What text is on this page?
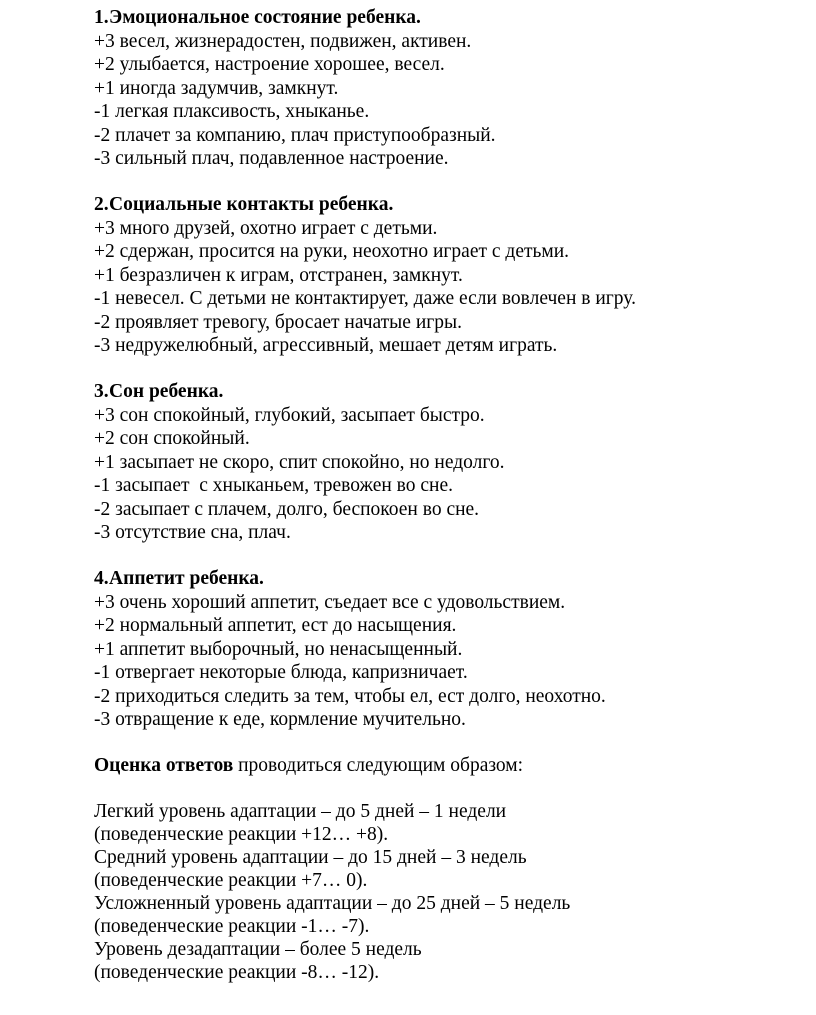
1.Эмоциональное состояние ребенка.
+3 весел, жизнерадостен, подвижен, активен.
+2 улыбается, настроение хорошее, весел.
+1 иногда задумчив, замкнут.
-1 легкая плаксивость, хныканье.
-2 плачет за компанию, плач приступообразный.
-3 сильный плач, подавленное настроение.
2.Социальные контакты ребенка.
+3 много друзей, охотно играет с детьми.
+2 сдержан, просится на руки, неохотно играет с детьми.
+1 безразличен к играм, отстранен, замкнут.
-1 невесел. С детьми не контактирует, даже если вовлечен в игру.
-2 проявляет тревогу, бросает начатые игры.
-3 недружелюбный, агрессивный, мешает детям играть.
3.Сон ребенка.
+3 сон спокойный, глубокий, засыпает быстро.
+2 сон спокойный.
+1 засыпает не скоро, спит спокойно, но недолго.
-1 засыпает  с хныканьем, тревожен во сне.
-2 засыпает с плачем, долго, беспокоен во сне.
-3 отсутствие сна, плач.
4.Аппетит ребенка.
+3 очень хороший аппетит, съедает все с удовольствием.
+2 нормальный аппетит, ест до насыщения.
+1 аппетит выборочный, но ненасыщенный.
-1 отвергает некоторые блюда, капризничает.
-2 приходиться следить за тем, чтобы ел, ест долго, неохотно.
-3 отвращение к еде, кормление мучительно.
Оценка ответов проводиться следующим образом:
Легкий уровень адаптации – до 5 дней – 1 недели
(поведенческие реакции +12… +8).
Средний уровень адаптации – до 15 дней – 3 недель
(поведенческие реакции +7… 0).
Усложненный уровень адаптации – до 25 дней – 5 недель
(поведенческие реакции -1… -7).
Уровень дезадаптации – более 5 недель
(поведенческие реакции -8… -12).
